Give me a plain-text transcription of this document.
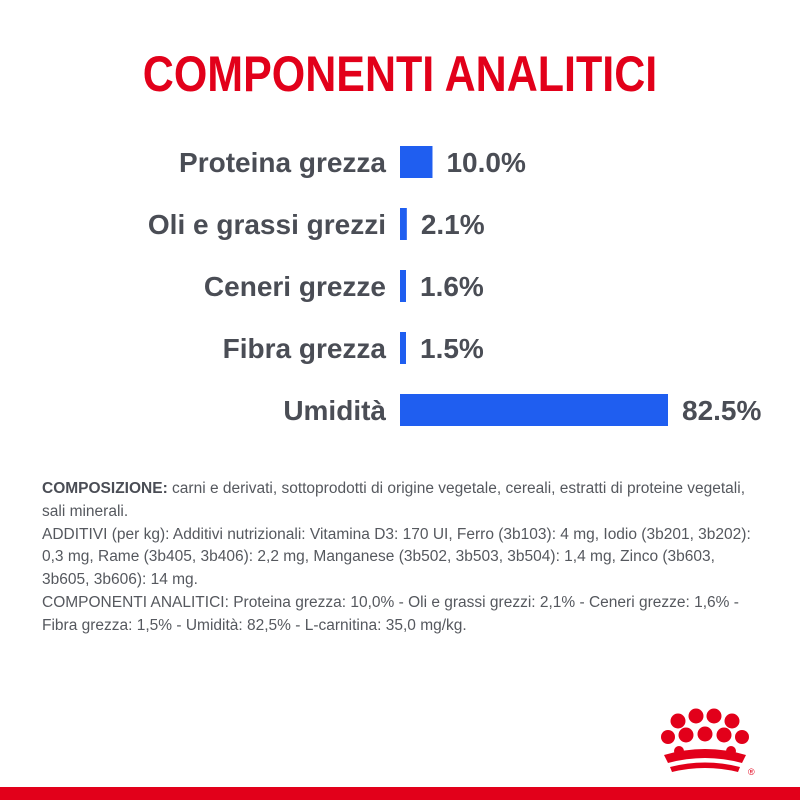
COMPONENTI ANALITICI
Proteina grezza 10.0%
Oli e grassi grezzi 2.1%
Ceneri grezze 1.6%
Fibra grezza 1.5%
Umidità	82.5%

COMPOSIZIONE: carni e derivati, sottoprodotti di origine vegetale, cereali, estratti di proteine vegetali, sali minerali.

ADDITIVI (per kg): Additivi nutrizionali: Vitamina D3: 170 UI, Ferro (3b103): 4 mg, Iodio (3b201, 3b202): 0,3 mg, Rame (3b405, 3b406): 2,2 mg, Manganese (3b502, 3b503, 3b504): 1,4 mg, Zinco (3b603, 3b605, 3b606): 14 mg.

COMPONENTI ANALITICI: Proteina grezza: 10,0% - Oli e grassi grezzi: 2,1% - Ceneri grezze: 1,6% - Fibra grezza: 1,5% - Umidità: 82,5% - L-carnitina: 35,0 mg/kg.

®
